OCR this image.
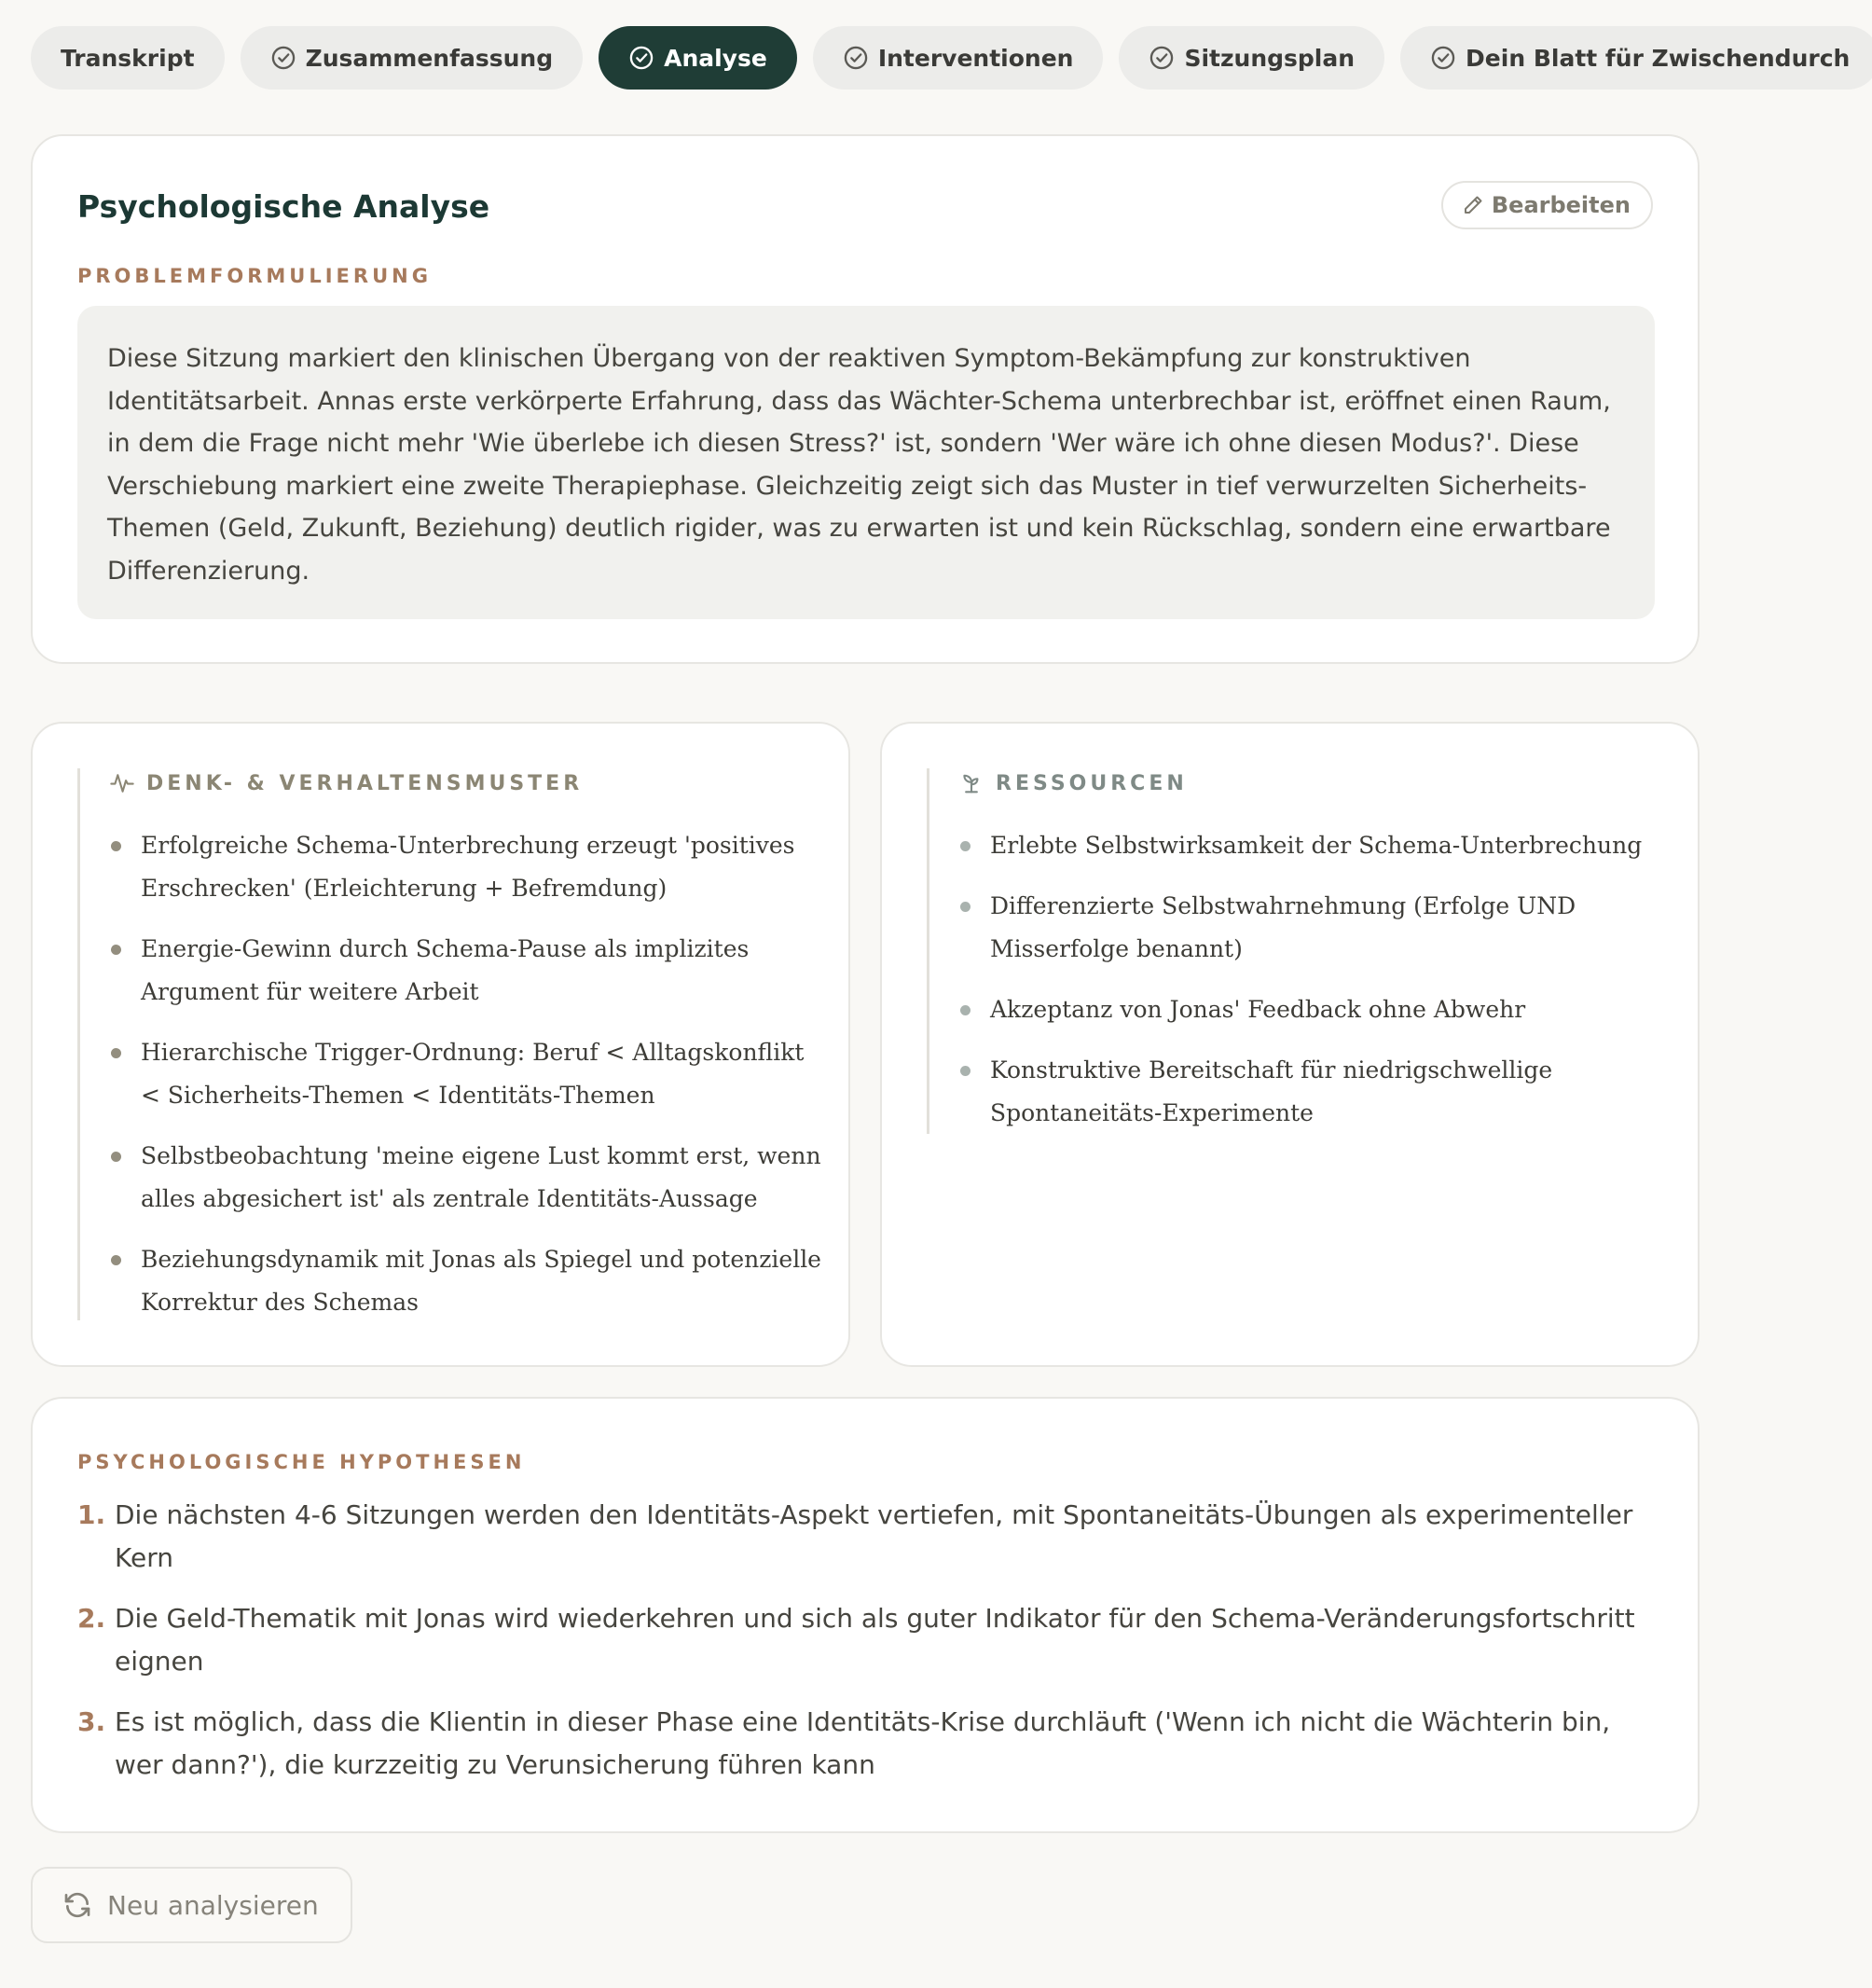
Transkript	Zusammenfassung	Analyse	Interventionen	Sitzungsplan	Dein Blatt für Zwischendurch
Psychologische Analyse	Bearbeiten
PROBLEMFORMULIERUNG
Diese Sitzung markiert den klinischen Übergang von der reaktiven Symptom-Bekämpfung zur konstruktiven Identitätsarbeit. Annas erste verkörperte Erfahrung, dass das Wächter-Schema unterbrechbar ist, eröffnet einen Raum, in dem die Frage nicht mehr 'Wie überlebe ich diesen Stress?' ist, sondern 'Wer wäre ich ohne diesen Modus?'. Diese Verschiebung markiert eine zweite Therapiephase. Gleichzeitig zeigt sich das Muster in tief verwurzelten Sicherheits-Themen (Geld, Zukunft, Beziehung) deutlich rigider, was zu erwarten ist und kein Rückschlag, sondern eine erwartbare Differenzierung.
DENK- & VERHALTENSMUSTER
Erfolgreiche Schema-Unterbrechung erzeugt 'positives Erschrecken' (Erleichterung + Befremdung)
Energie-Gewinn durch Schema-Pause als implizites Argument für weitere Arbeit
Hierarchische Trigger-Ordnung: Beruf < Alltagskonflikt < Sicherheits-Themen < Identitäts-Themen
Selbstbeobachtung 'meine eigene Lust kommt erst, wenn alles abgesichert ist' als zentrale Identitäts-Aussage
Beziehungsdynamik mit Jonas als Spiegel und potenzielle Korrektur des Schemas
RESSOURCEN
Erlebte Selbstwirksamkeit der Schema-Unterbrechung
Differenzierte Selbstwahrnehmung (Erfolge UND Misserfolge benannt)
Akzeptanz von Jonas' Feedback ohne Abwehr
Konstruktive Bereitschaft für niedrigschwellige Spontaneitäts-Experimente
PSYCHOLOGISCHE HYPOTHESEN
1. Die nächsten 4-6 Sitzungen werden den Identitäts-Aspekt vertiefen, mit Spontaneitäts-Übungen als experimenteller Kern
2. Die Geld-Thematik mit Jonas wird wiederkehren und sich als guter Indikator für den Schema-Veränderungsfortschritt eignen
3. Es ist möglich, dass die Klientin in dieser Phase eine Identitäts-Krise durchläuft ('Wenn ich nicht die Wächterin bin, wer dann?'), die kurzzeitig zu Verunsicherung führen kann
Neu analysieren
